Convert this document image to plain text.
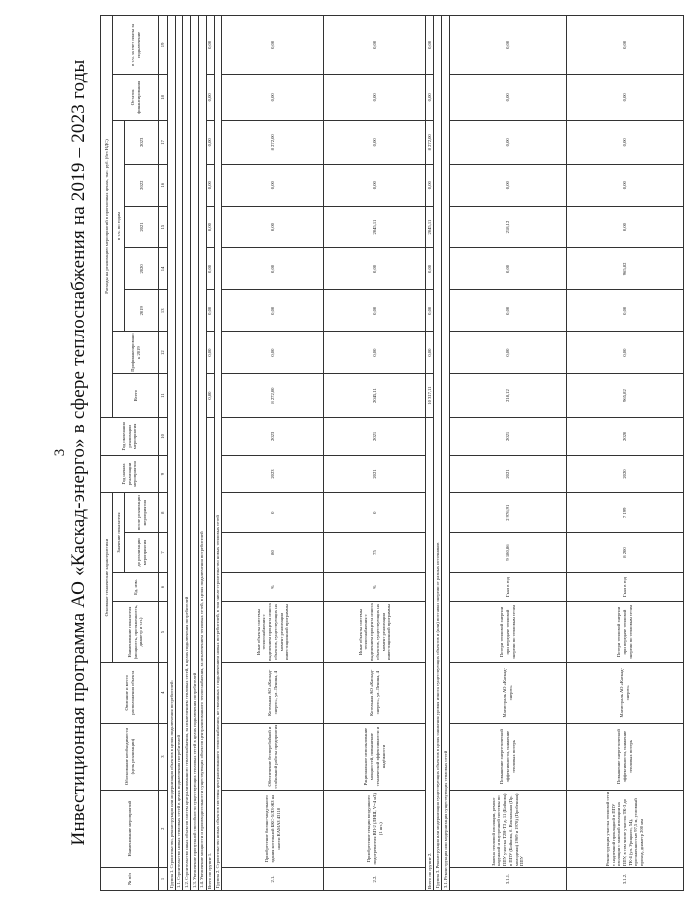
3 Инвестиционная программа АО «Каскад-энерго» в сфере теплоснабжения на 2019 – 2023 годы
№ п/п	Наименование мероприятий	Обоснование необходимости (цель реализации)	Описание и место расположения объекта	Основные технические характеристики				Год начала реализации мероприятия	Год окончания реализации мероприятия	Расходы на реализацию мероприятий в прогнозных ценах, тыс. руб. (без НДС)								
				Наименование показателя (мощность, протяженность, диаметр и т.п.)	Ед. изм.	Значение показателя				Всего	Профинансировано к 2019	в т.ч. по годам					Остаток финансирования	в т.ч. за счет платы за подключение
						до реализации мероприятия	после реализации мероприятия					2019	2020	2021	2022	2023		
1	2	3	4	5	6	7	8	9	10	11	12	13	14	15	16	17	18	19
Группа 1. Строительство, реконструкция или модернизация объектов в целях подключения потребителей:																		
1.1. Строительство новых тепловых сетей в целях подключения потребителей																		
1.2. Строительство иных объектов систем централизованного теплоснабжения, за исключением тепловых сетей, в целях подключения потребителей																		
1.3. Увеличение пропускной способности существующих тепловых сетей в целях подключения потребителей																		
1.4. Увеличение мощности и производительности существующих объектов централизованного теплоснабжения, за исключением тепловых сетей, в целях подключения потребителей																		
Всего по группе 1.										0,00	0,00	0,00	0,00	0,00	0,00	0,00	0,00	0,00
Группа 2. Строительство новых объектов системы централизованного теплоснабжения, не связанных с подключением новых потребителей, в том числе строительство новых тепловых сетей																		
2.1.	Приобретение блочно-модульного здания котельной БКС-5/ЛЗ-ЖЗ на шасси КАМАЗ 43118	Обеспечение бесперебойной и стабильной работы предприятия	Котельная АО «Каскад-энерго», ул. Ленина, 4	Иные объекты системы теплоснабжения с выделением процента износа объектов, существующих на момент реализации инвестиционной программы	%	80	0	2023	2023	8 272,00	0,00	0,00	0,00	0,00	0,00	8 272,00	0,00	0,00
2.2.	Приобретение секции воздушного подогревателя ВП-2 (ЛНШ, V=4 м3) (1 шт.)	Рациональное использование мощностей, повышение технической эффективности и надёжности	Котельная АО «Каскад-энерго», ул. Ленина, 4	Иные объекты системы теплоснабжения с выделением процента износа объектов, существующих на момент реализации инвестиционной программы	%	75	0	2021	2021	2045,11	0,00	0,00	0,00	2045,11	0,00	0,00	0,00	0,00
Всего по группе 2.										10 317,11	0,00	0,00	0,00	2045,11	0,00	8 272,00	0,00	0,00
Группа 3. Реконструкция или модернизация существующих объектов в целях снижения уровня износа существующих объектов и (или) поставки энергии от разных источников																		
3.1. Реконструкция или модернизация существующих тепловых сетей																		
3.1.1.	Замена тепловой изоляции, ремонт наружной и внутренней системы по ППУ участка Т2Н-Т3 д. 11 (Бойкова) в ППУ (Бойкова, б. Вокзальная (Пр. молодежи) 1969 и 1978) (Пробенная) ППУ	Повышение энергетической эффективности, снижение тепловых потерь	Магистраль АО «Каскад-энерго»	Потери тепловой энергии при передаче тепловой энергии по тепловым сетям	Гкал в год	9 180,86	2 976,91	2021	2021	218,12	0,00	0,00	0,00	218,12	0,00	0,00	0,00	0,00
3.1.2.	Реконструкция участка тепловой сети с надземной прокладкой в ППУ изоляции с заменой изоляции на ППУ, в том числе участок ТК-3 до ТК-4 (ул. Урицкого, 54), протяженностью 97,5 м, условный проход, диаметр 200 мм	Повышение энергетической эффективности, снижение тепловых потерь	Магистраль АО «Каскад-энерго»	Потери тепловой энергии при передаче тепловой энергии по тепловым сетям	Гкал в год	8 200	7 199	2020	2020	965,82	0,00	0,00	965,82	0,00	0,00	0,00	0,00	0,00
